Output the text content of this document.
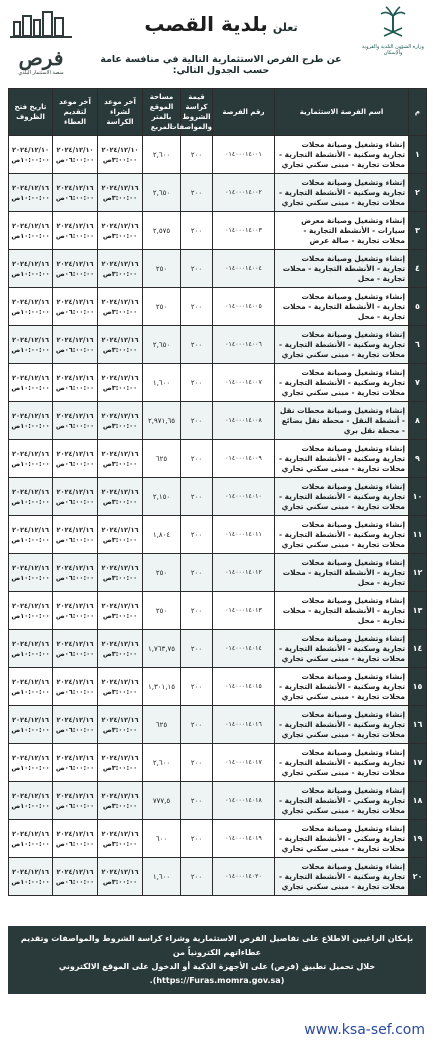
فرص
منصة الاستثمار البلدي
تعلن بلدية القصب
عن طرح الفرص الاستثمارية التالية في منافسة عامة حسب الجدول التالي:
وزارة الشؤون البلدية والقروية والإسكان
م	اسم الفرصة الاستثمارية	رقم الفرصة	قيمة كراسة الشروط والمواصفات	مساحة الموقع بالمتر المربع	آخر موعد لشراء الكراسة	آخر موعد لتقديم العطاء	تاريخ فتح الظروف
١	إنشاء وتشغيل وصيانة محلات تجارية وسكنية - الأنشطة التجارية - محلات تجارية - مبنى سكني تجاري	٠١٤٠٠٠١٤٠٠١	٢٠٠	٢,٦٠٠	٢٠٢٤/١٢/١٠ ٣:٠٠:٠٠ص	٢٠٢٤/١٢/١٠ ٠٦:٠٠:٠٠ص	٢٠٢٤/١٢/١٠ ١٠:٠٠:٠٠ص
٢	إنشاء وتشغيل وصيانة محلات تجارية وسكنية - الأنشطة التجارية - محلات تجارية - مبنى سكني تجاري	٠١٤٠٠٠١٤٠٠٢	٢٠٠	٢,٦٥٠	٢٠٢٤/١٢/١٦ ٣:٠٠:٠٠ص	٢٠٢٤/١٢/١٦ ٠٦:٠٠:٠٠ص	٢٠٢٤/١٢/١٦ ١٠:٠٠:٠٠ص
٣	إنشاء وتشغيل وصيانة معرض سيارات - الأنشطة التجارية - محلات تجارية - صالة عرض	٠١٤٠٠٠١٤٠٠٣	٢٠٠	٢,٥٧٥	٢٠٢٤/١٢/١٦ ٣:٠٠:٠٠ص	٢٠٢٤/١٢/١٦ ٠٦:٠٠:٠٠ص	٢٠٢٤/١٢/١٦ ١٠:٠٠:٠٠ص
٤	إنشاء وتشغيل وصيانة محلات تجارية - الأنشطة التجارية - محلات تجارية - محل	٠١٤٠٠٠١٤٠٠٤	٢٠٠	٢٥٠	٢٠٢٤/١٢/١٦ ٣:٠٠:٠٠ص	٢٠٢٤/١٢/١٦ ٠٦:٠٠:٠٠ص	٢٠٢٤/١٢/١٦ ١٠:٠٠:٠٠ص
٥	إنشاء وتشغيل وصيانة محلات تجارية - الأنشطة التجارية - محلات تجارية - محل	٠١٤٠٠٠١٤٠٠٥	٢٠٠	٢٥٠	٢٠٢٤/١٢/١٦ ٣:٠٠:٠٠ص	٢٠٢٤/١٢/١٦ ٠٦:٠٠:٠٠ص	٢٠٢٤/١٢/١٦ ١٠:٠٠:٠٠ص
٦	إنشاء وتشغيل وصيانة محلات تجارية وسكنية - الأنشطة التجارية - محلات تجارية - مبنى سكني تجاري	٠١٤٠٠٠١٤٠٠٦	٢٠٠	٢,٦٥٠	٢٠٢٤/١٢/١٦ ٣:٠٠:٠٠ص	٢٠٢٤/١٢/١٦ ٠٦:٠٠:٠٠ص	٢٠٢٤/١٢/١٦ ١٠:٠٠:٠٠ص
٧	إنشاء وتشغيل وصيانة محلات تجارية وسكنية - الأنشطة التجارية - محلات تجارية - مبنى سكني تجاري	٠١٤٠٠٠١٤٠٠٧	٢٠٠	١,٦٠٠	٢٠٢٤/١٢/١٦ ٣:٠٠:٠٠ص	٢٠٢٤/١٢/١٦ ٠٦:٠٠:٠٠ص	٢٠٢٤/١٢/١٦ ١٠:٠٠:٠٠ص
٨	إنشاء وتشغيل وصيانة محطات نقل - أنشطة النقل - محطة نقل بضائع - محطة نقل بري	٠١٤٠٠٠١٤٠٠٨	٢٠٠	٢,٩٧١,٦٥	٢٠٢٤/١٢/١٦ ٣:٠٠:٠٠ص	٢٠٢٤/١٢/١٦ ٠٦:٠٠:٠٠ص	٢٠٢٤/١٢/١٦ ١٠:٠٠:٠٠ص
٩	إنشاء وتشغيل وصيانة محلات تجارية وسكنية - الأنشطة التجارية - محلات تجارية - مبنى سكني تجاري	٠١٤٠٠٠١٤٠٠٩	٢٠٠	٦٢٥	٢٠٢٤/١٢/١٦ ٣:٠٠:٠٠ص	٢٠٢٤/١٢/١٦ ٠٦:٠٠:٠٠ص	٢٠٢٤/١٢/١٦ ١٠:٠٠:٠٠ص
١٠	إنشاء وتشغيل وصيانة محلات تجارية وسكنية - الأنشطة التجارية - محلات تجارية - مبنى سكني تجاري	٠١٤٠٠٠١٤٠١٠	٢٠٠	٢,١٥٠	٢٠٢٤/١٢/١٦ ٣:٠٠:٠٠ص	٢٠٢٤/١٢/١٦ ٠٦:٠٠:٠٠ص	٢٠٢٤/١٢/١٦ ١٠:٠٠:٠٠ص
١١	إنشاء وتشغيل وصيانة محلات تجارية وسكنية - الأنشطة التجارية - محلات تجارية - مبنى سكني تجاري	٠١٤٠٠٠١٤٠١١	٢٠٠	١,٨٠٤	٢٠٢٤/١٢/١٦ ٣:٠٠:٠٠ص	٢٠٢٤/١٢/١٦ ٠٦:٠٠:٠٠ص	٢٠٢٤/١٢/١٦ ١٠:٠٠:٠٠ص
١٢	إنشاء وتشغيل وصيانة محلات تجارية - الأنشطة التجارية - محلات تجارية - محل	٠١٤٠٠٠١٤٠١٢	٢٠٠	٢٥٠	٢٠٢٤/١٢/١٦ ٣:٠٠:٠٠ص	٢٠٢٤/١٢/١٦ ٠٦:٠٠:٠٠ص	٢٠٢٤/١٢/١٦ ١٠:٠٠:٠٠ص
١٣	إنشاء وتشغيل وصيانة محلات تجارية - الأنشطة التجارية - محلات تجارية - محل	٠١٤٠٠٠١٤٠١٣	٢٠٠	٢٥٠	٢٠٢٤/١٢/١٦ ٣:٠٠:٠٠ص	٢٠٢٤/١٢/١٦ ٠٦:٠٠:٠٠ص	٢٠٢٤/١٢/١٦ ١٠:٠٠:٠٠ص
١٤	إنشاء وتشغيل وصيانة محلات تجارية وسكنية - الأنشطة التجارية - محلات تجارية - مبنى سكني تجاري	٠١٤٠٠٠١٤٠١٤	٢٠٠	١,٧٦٣,٧٥	٢٠٢٤/١٢/١٦ ٣:٠٠:٠٠ص	٢٠٢٤/١٢/١٦ ٠٦:٠٠:٠٠ص	٢٠٢٤/١٢/١٦ ١٠:٠٠:٠٠ص
١٥	إنشاء وتشغيل وصيانة محلات تجارية وسكنية - الأنشطة التجارية - محلات تجارية - مبنى سكني تجاري	٠١٤٠٠٠١٤٠١٥	٢٠٠	١,٣٠١,١٥	٢٠٢٤/١٢/١٦ ٣:٠٠:٠٠ص	٢٠٢٤/١٢/١٦ ٠٦:٠٠:٠٠ص	٢٠٢٤/١٢/١٦ ١٠:٠٠:٠٠ص
١٦	إنشاء وتشغيل وصيانة محلات تجارية وسكنية - الأنشطة التجارية - محلات تجارية - مبنى سكني تجاري	٠١٤٠٠٠١٤٠١٦	٢٠٠	٦٢٥	٢٠٢٤/١٢/١٦ ٣:٠٠:٠٠ص	٢٠٢٤/١٢/١٦ ٠٦:٠٠:٠٠ص	٢٠٢٤/١٢/١٦ ١٠:٠٠:٠٠ص
١٧	إنشاء وتشغيل وصيانة محلات تجارية وسكنية - الأنشطة التجارية - محلات تجارية - مبنى سكني تجاري	٠١٤٠٠٠١٤٠١٧	٢٠٠	٢,٦٠٠	٢٠٢٤/١٢/١٦ ٣:٠٠:٠٠ص	٢٠٢٤/١٢/١٦ ٠٦:٠٠:٠٠ص	٢٠٢٤/١٢/١٦ ١٠:٠٠:٠٠ص
١٨	إنشاء وتشغيل وصيانة محلات تجارية وسكني - الأنشطة التجارية - محلات تجارية - مبنى سكني تجاري	٠١٤٠٠٠١٤٠١٨	٢٠٠	٧٧٧,٥	٢٠٢٤/١٢/١٦ ٣:٠٠:٠٠ص	٢٠٢٤/١٢/١٦ ٠٦:٠٠:٠٠ص	٢٠٢٤/١٢/١٦ ١٠:٠٠:٠٠ص
١٩	إنشاء وتشغيل وصيانة محلات تجارية وسكني - الأنشطة التجارية - محلات تجارية - مبنى سكني تجاري	٠١٤٠٠٠١٤٠١٩	٢٠٠	٦٠٠	٢٠٢٤/١٢/١٦ ٣:٠٠:٠٠ص	٢٠٢٤/١٢/١٦ ٠٦:٠٠:٠٠ص	٢٠٢٤/١٢/١٦ ١٠:٠٠:٠٠ص
٢٠	إنشاء وتشغيل وصيانة محلات تجارية وسكنية - الأنشطة التجارية - محلات تجارية - مبنى سكني تجاري	٠١٤٠٠٠١٤٠٢٠	٢٠٠	١,٦٠٠	٢٠٢٤/١٢/١٦ ٣:٠٠:٠٠ص	٢٠٢٤/١٢/١٦ ٠٦:٠٠:٠٠ص	٢٠٢٤/١٢/١٦ ١٠:٠٠:٠٠ص
بإمكان الراغبين الاطلاع على تفاصيل الفرص الاستثمارية وشراء كراسة الشروط والمواصفات وتقديم عطاءاتهم الكترونياً من
خلال تحميل تطبيق (فرص) على الأجهزة الذكية أو الدخول على الموقع الالكتروني (https://Furas.momra.gov.sa).
www.ksa-sef.com
